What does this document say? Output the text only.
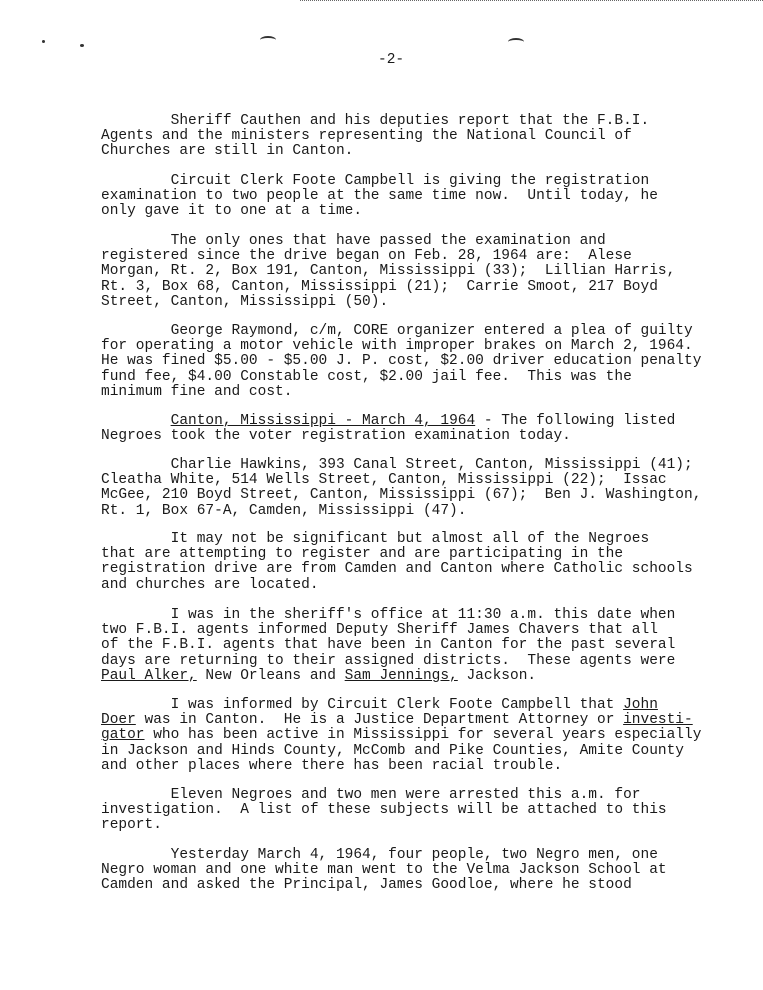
-2-

Sheriff Cauthen and his deputies report that the F.B.I.
Agents and the ministers representing the National Council of
Churches are still in Canton.

Circuit Clerk Foote Campbell is giving the registration
examination to two people at the same time now.  Until today, he
only gave it to one at a time.

The only ones that have passed the examination and
registered since the drive began on Feb. 28, 1964 are:  Alese
Morgan, Rt. 2, Box 191, Canton, Mississippi (33);  Lillian Harris,
Rt. 3, Box 68, Canton, Mississippi (21);  Carrie Smoot, 217 Boyd
Street, Canton, Mississippi (50).

George Raymond, c/m, CORE organizer entered a plea of guilty
for operating a motor vehicle with improper brakes on March 2, 1964.
He was fined $5.00 - $5.00 J. P. cost, $2.00 driver education penalty
fund fee, $4.00 Constable cost, $2.00 jail fee.  This was the
minimum fine and cost.

Canton, Mississippi - March 4, 1964 - The following listed
Negroes took the voter registration examination today.

Charlie Hawkins, 393 Canal Street, Canton, Mississippi (41);
Cleatha White, 514 Wells Street, Canton, Mississippi (22);  Issac
McGee, 210 Boyd Street, Canton, Mississippi (67);  Ben J. Washington,
Rt. 1, Box 67-A, Camden, Mississippi (47).

It may not be significant but almost all of the Negroes
that are attempting to register and are participating in the
registration drive are from Camden and Canton where Catholic schools
and churches are located.

I was in the sheriff's office at 11:30 a.m. this date when
two F.B.I. agents informed Deputy Sheriff James Chavers that all
of the F.B.I. agents that have been in Canton for the past several
days are returning to their assigned districts.  These agents were
Paul Alker, New Orleans and Sam Jennings, Jackson.

I was informed by Circuit Clerk Foote Campbell that John
Doer was in Canton.  He is a Justice Department Attorney or investi-
gator who has been active in Mississippi for several years especially
in Jackson and Hinds County, McComb and Pike Counties, Amite County
and other places where there has been racial trouble.

Eleven Negroes and two men were arrested this a.m. for
investigation.  A list of these subjects will be attached to this
report.

Yesterday March 4, 1964, four people, two Negro men, one
Negro woman and one white man went to the Velma Jackson School at
Camden and asked the Principal, James Goodloe, where he stood
